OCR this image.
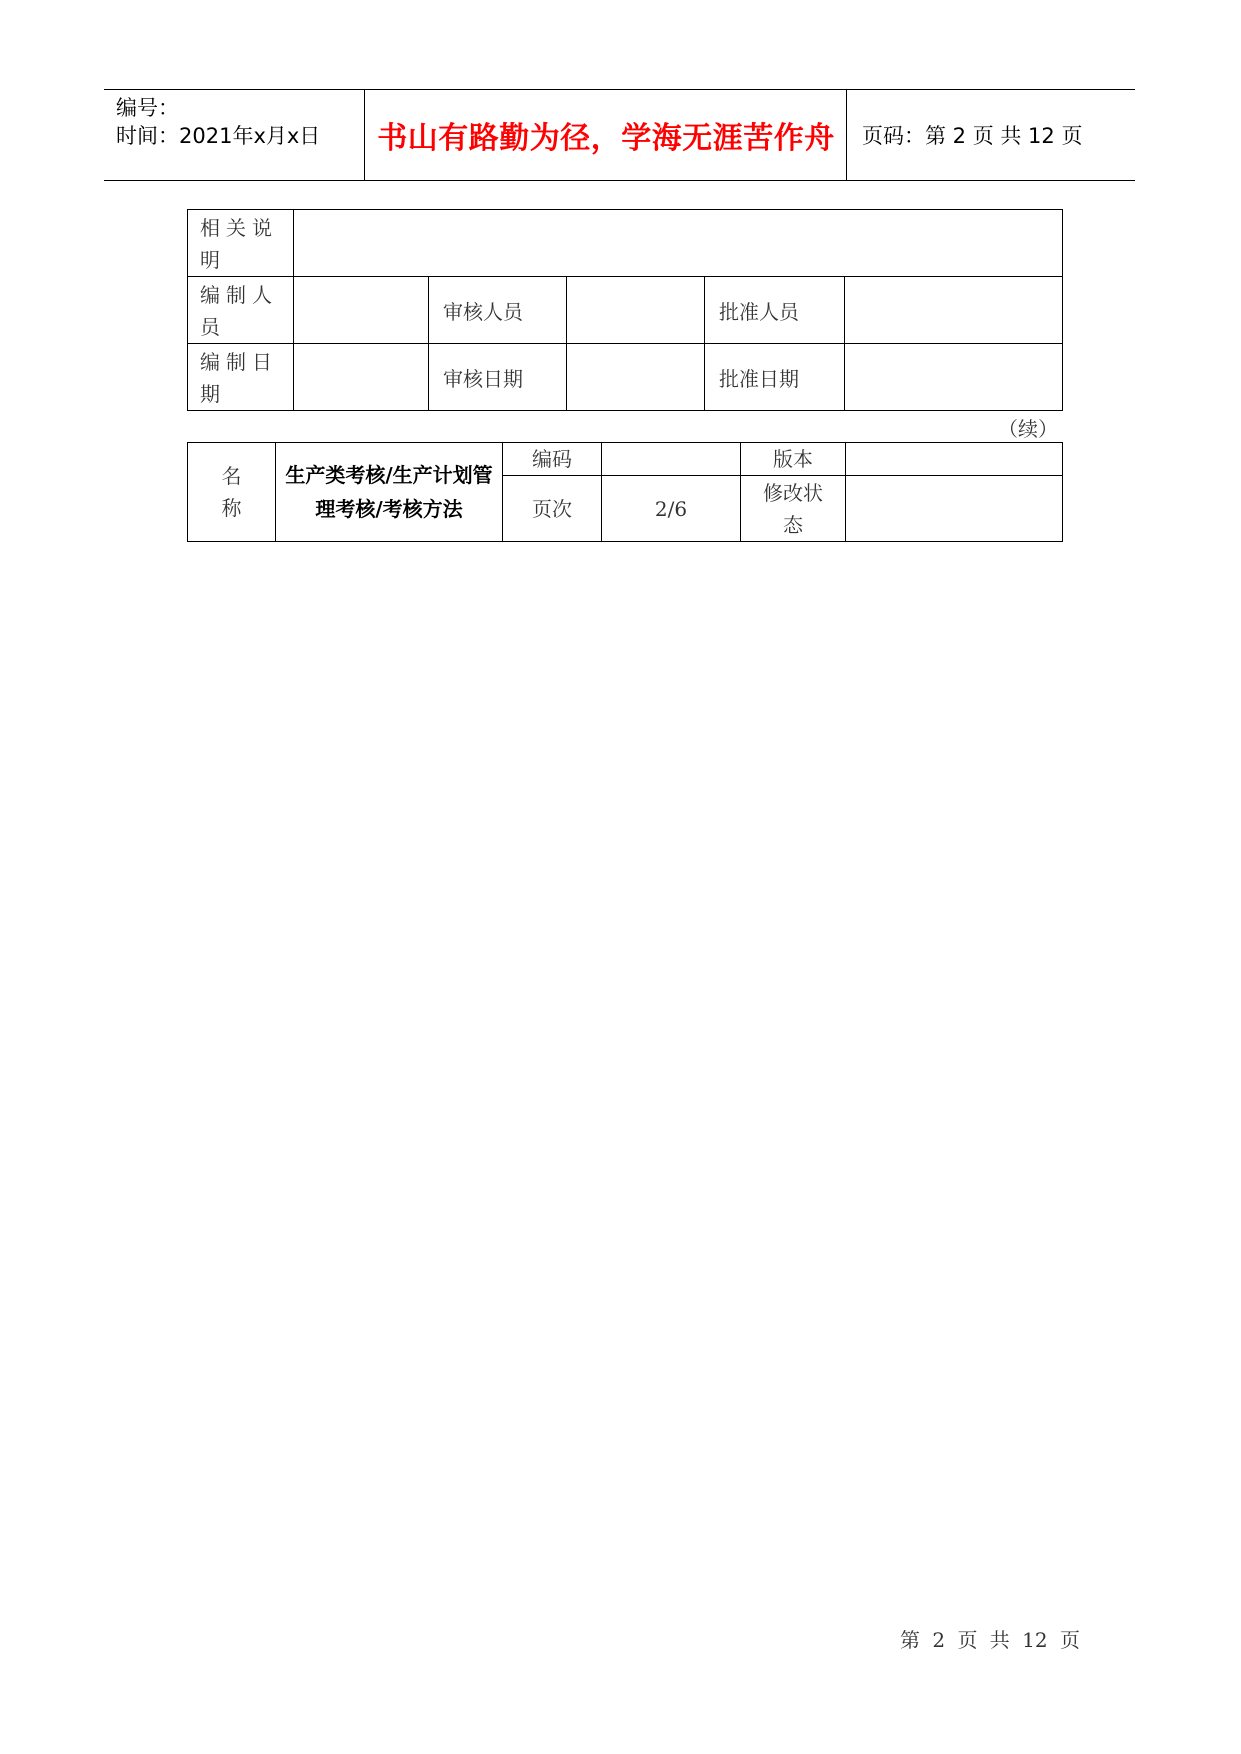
编号：
时间：2021年x月x日	书山有路勤为径，学海无涯苦作舟	页码：第 2 页 共 12 页
相关说明					
编制人员		审核人员		批准人员	
编制日期		审核日期		批准日期	
（续）
名称	生产类考核/生产计划管理考核/考核方法	编码		版本	
		页次	2/6	修改状态	
第 2 页 共 12 页
